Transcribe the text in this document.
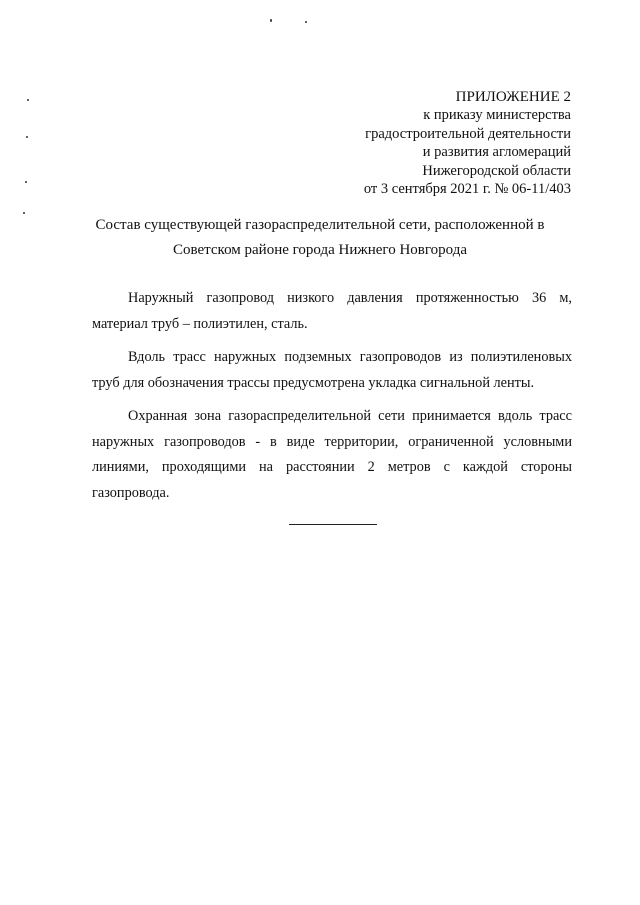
ПРИЛОЖЕНИЕ 2
к приказу министерства
градостроительной деятельности
и развития агломераций
Нижегородской области
от 3 сентября 2021 г. № 06-11/403
Состав существующей газораспределительной сети, расположенной в
Советском районе города Нижнего Новгорода

Наружный газопровод низкого давления протяженностью 36 м, материал труб – полиэтилен, сталь.

Вдоль трасс наружных подземных газопроводов из полиэтиленовых труб для обозначения трассы предусмотрена укладка сигнальной ленты.

Охранная зона газораспределительной сети принимается вдоль трасс наружных газопроводов - в виде территории, ограниченной условными линиями, проходящими на расстоянии 2 метров с каждой стороны газопровода.
